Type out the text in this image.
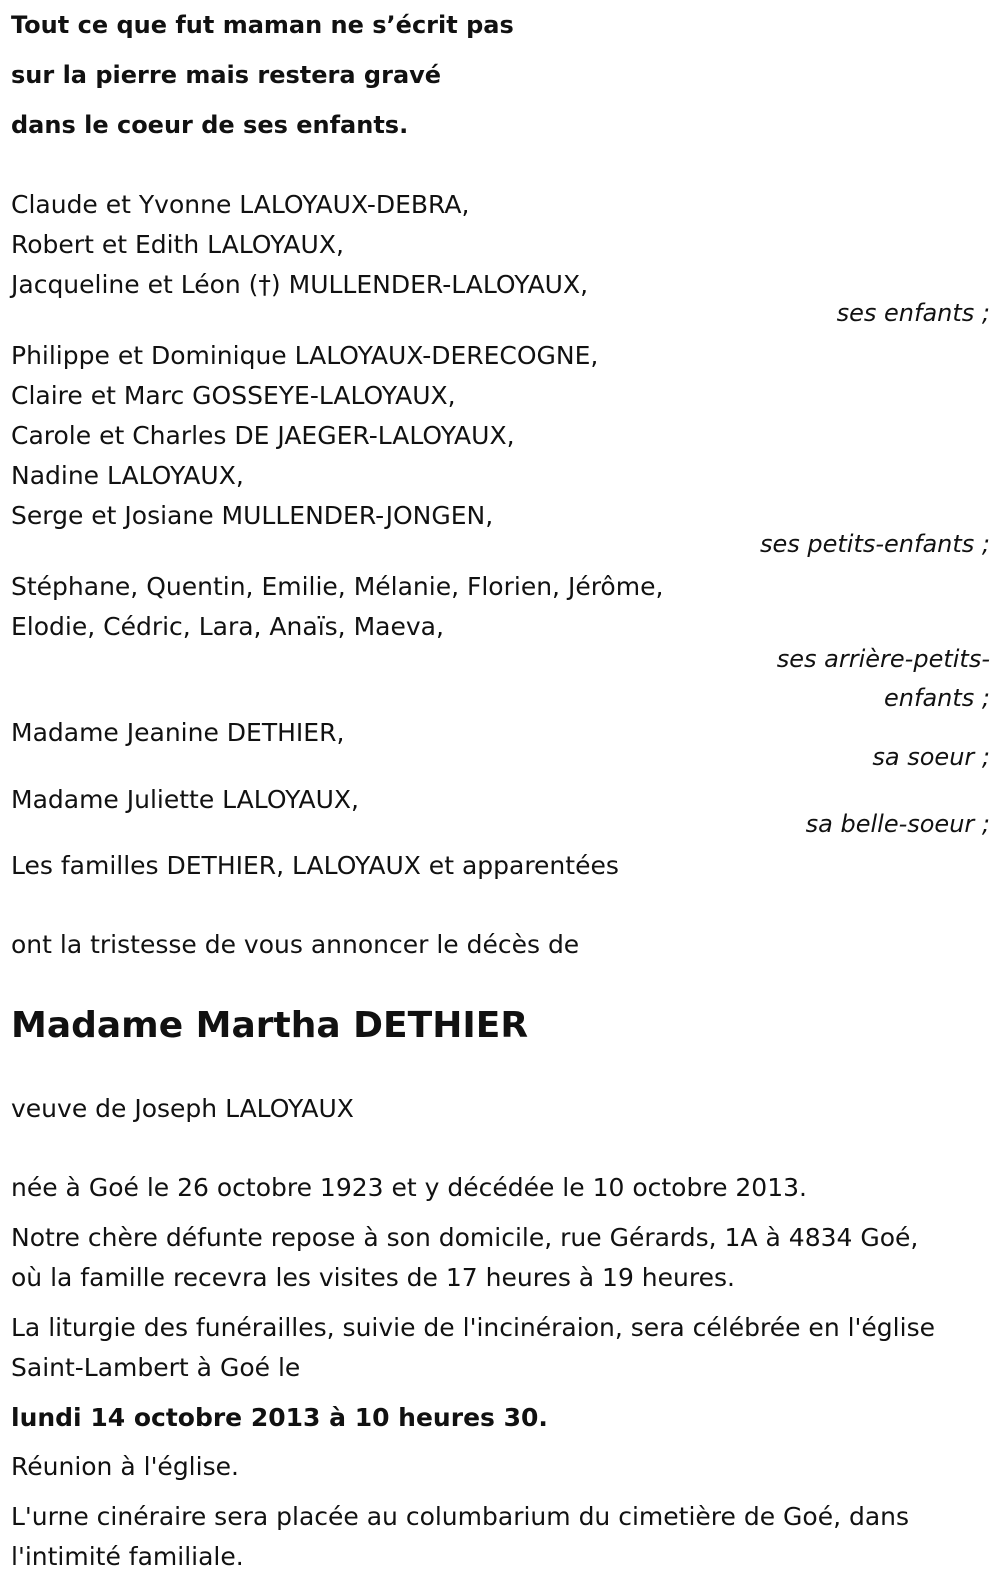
Tout ce que fut maman ne s’écrit pas
sur la pierre mais restera gravé
dans le coeur de ses enfants.
Claude et Yvonne LALOYAUX-DEBRA,
Robert et Edith LALOYAUX,
Jacqueline et Léon (†) MULLENDER-LALOYAUX,
ses enfants ;
Philippe et Dominique LALOYAUX-DERECOGNE,
Claire et Marc GOSSEYE-LALOYAUX,
Carole et Charles DE JAEGER-LALOYAUX,
Nadine LALOYAUX,
Serge et Josiane MULLENDER-JONGEN,
ses petits-enfants ;
Stéphane, Quentin, Emilie, Mélanie, Florien, Jérôme,
Elodie, Cédric, Lara, Anaïs, Maeva,
ses arrière-petits-
enfants ;
Madame Jeanine DETHIER,
sa soeur ;
Madame Juliette LALOYAUX,
sa belle-soeur ;
Les familles DETHIER, LALOYAUX et apparentées
ont la tristesse de vous annoncer le décès de
Madame Martha DETHIER
veuve de Joseph LALOYAUX
née à Goé le 26 octobre 1923 et y décédée le 10 octobre 2013.
Notre chère défunte repose à son domicile, rue Gérards, 1A à 4834 Goé,
où la famille recevra les visites de 17 heures à 19 heures.
La liturgie des funérailles, suivie de l'incinéraion, sera célébrée en l'église
Saint-Lambert à Goé le
lundi 14 octobre 2013 à 10 heures 30.
Réunion à l'église.
L'urne cinéraire sera placée au columbarium du cimetière de Goé, dans
l'intimité familiale.
